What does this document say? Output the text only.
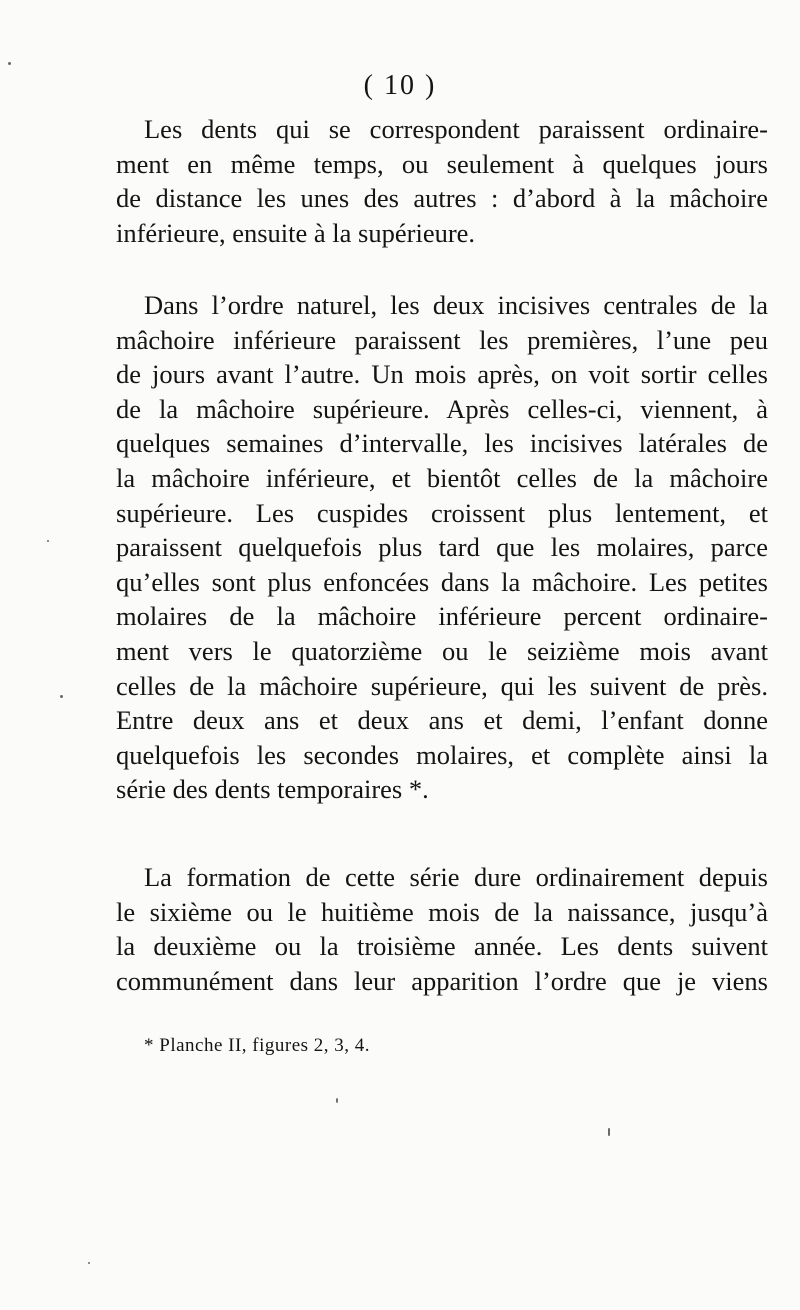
( 10 )

Les dents qui se correspondent paraissent ordinaire-
ment en même temps, ou seulement à quelques jours
de distance les unes des autres : d’abord à la mâchoire
inférieure, ensuite à la supérieure.

Dans l’ordre naturel, les deux incisives centrales de la
mâchoire inférieure paraissent les premières, l’une peu
de jours avant l’autre. Un mois après, on voit sortir celles
de la mâchoire supérieure. Après celles-ci, viennent, à
quelques semaines d’intervalle, les incisives latérales de
la mâchoire inférieure, et bientôt celles de la mâchoire
supérieure. Les cuspides croissent plus lentement, et
paraissent quelquefois plus tard que les molaires, parce
qu’elles sont plus enfoncées dans la mâchoire. Les petites
molaires de la mâchoire inférieure percent ordinaire-
ment vers le quatorzième ou le seizième mois avant
celles de la mâchoire supérieure, qui les suivent de près.
Entre deux ans et deux ans et demi, l’enfant donne
quelquefois les secondes molaires, et complète ainsi la
série des dents temporaires *.

La formation de cette série dure ordinairement depuis
le sixième ou le huitième mois de la naissance, jusqu’à
la deuxième ou la troisième année. Les dents suivent
communément dans leur apparition l’ordre que je viens

* Planche II, figures 2, 3, 4.
